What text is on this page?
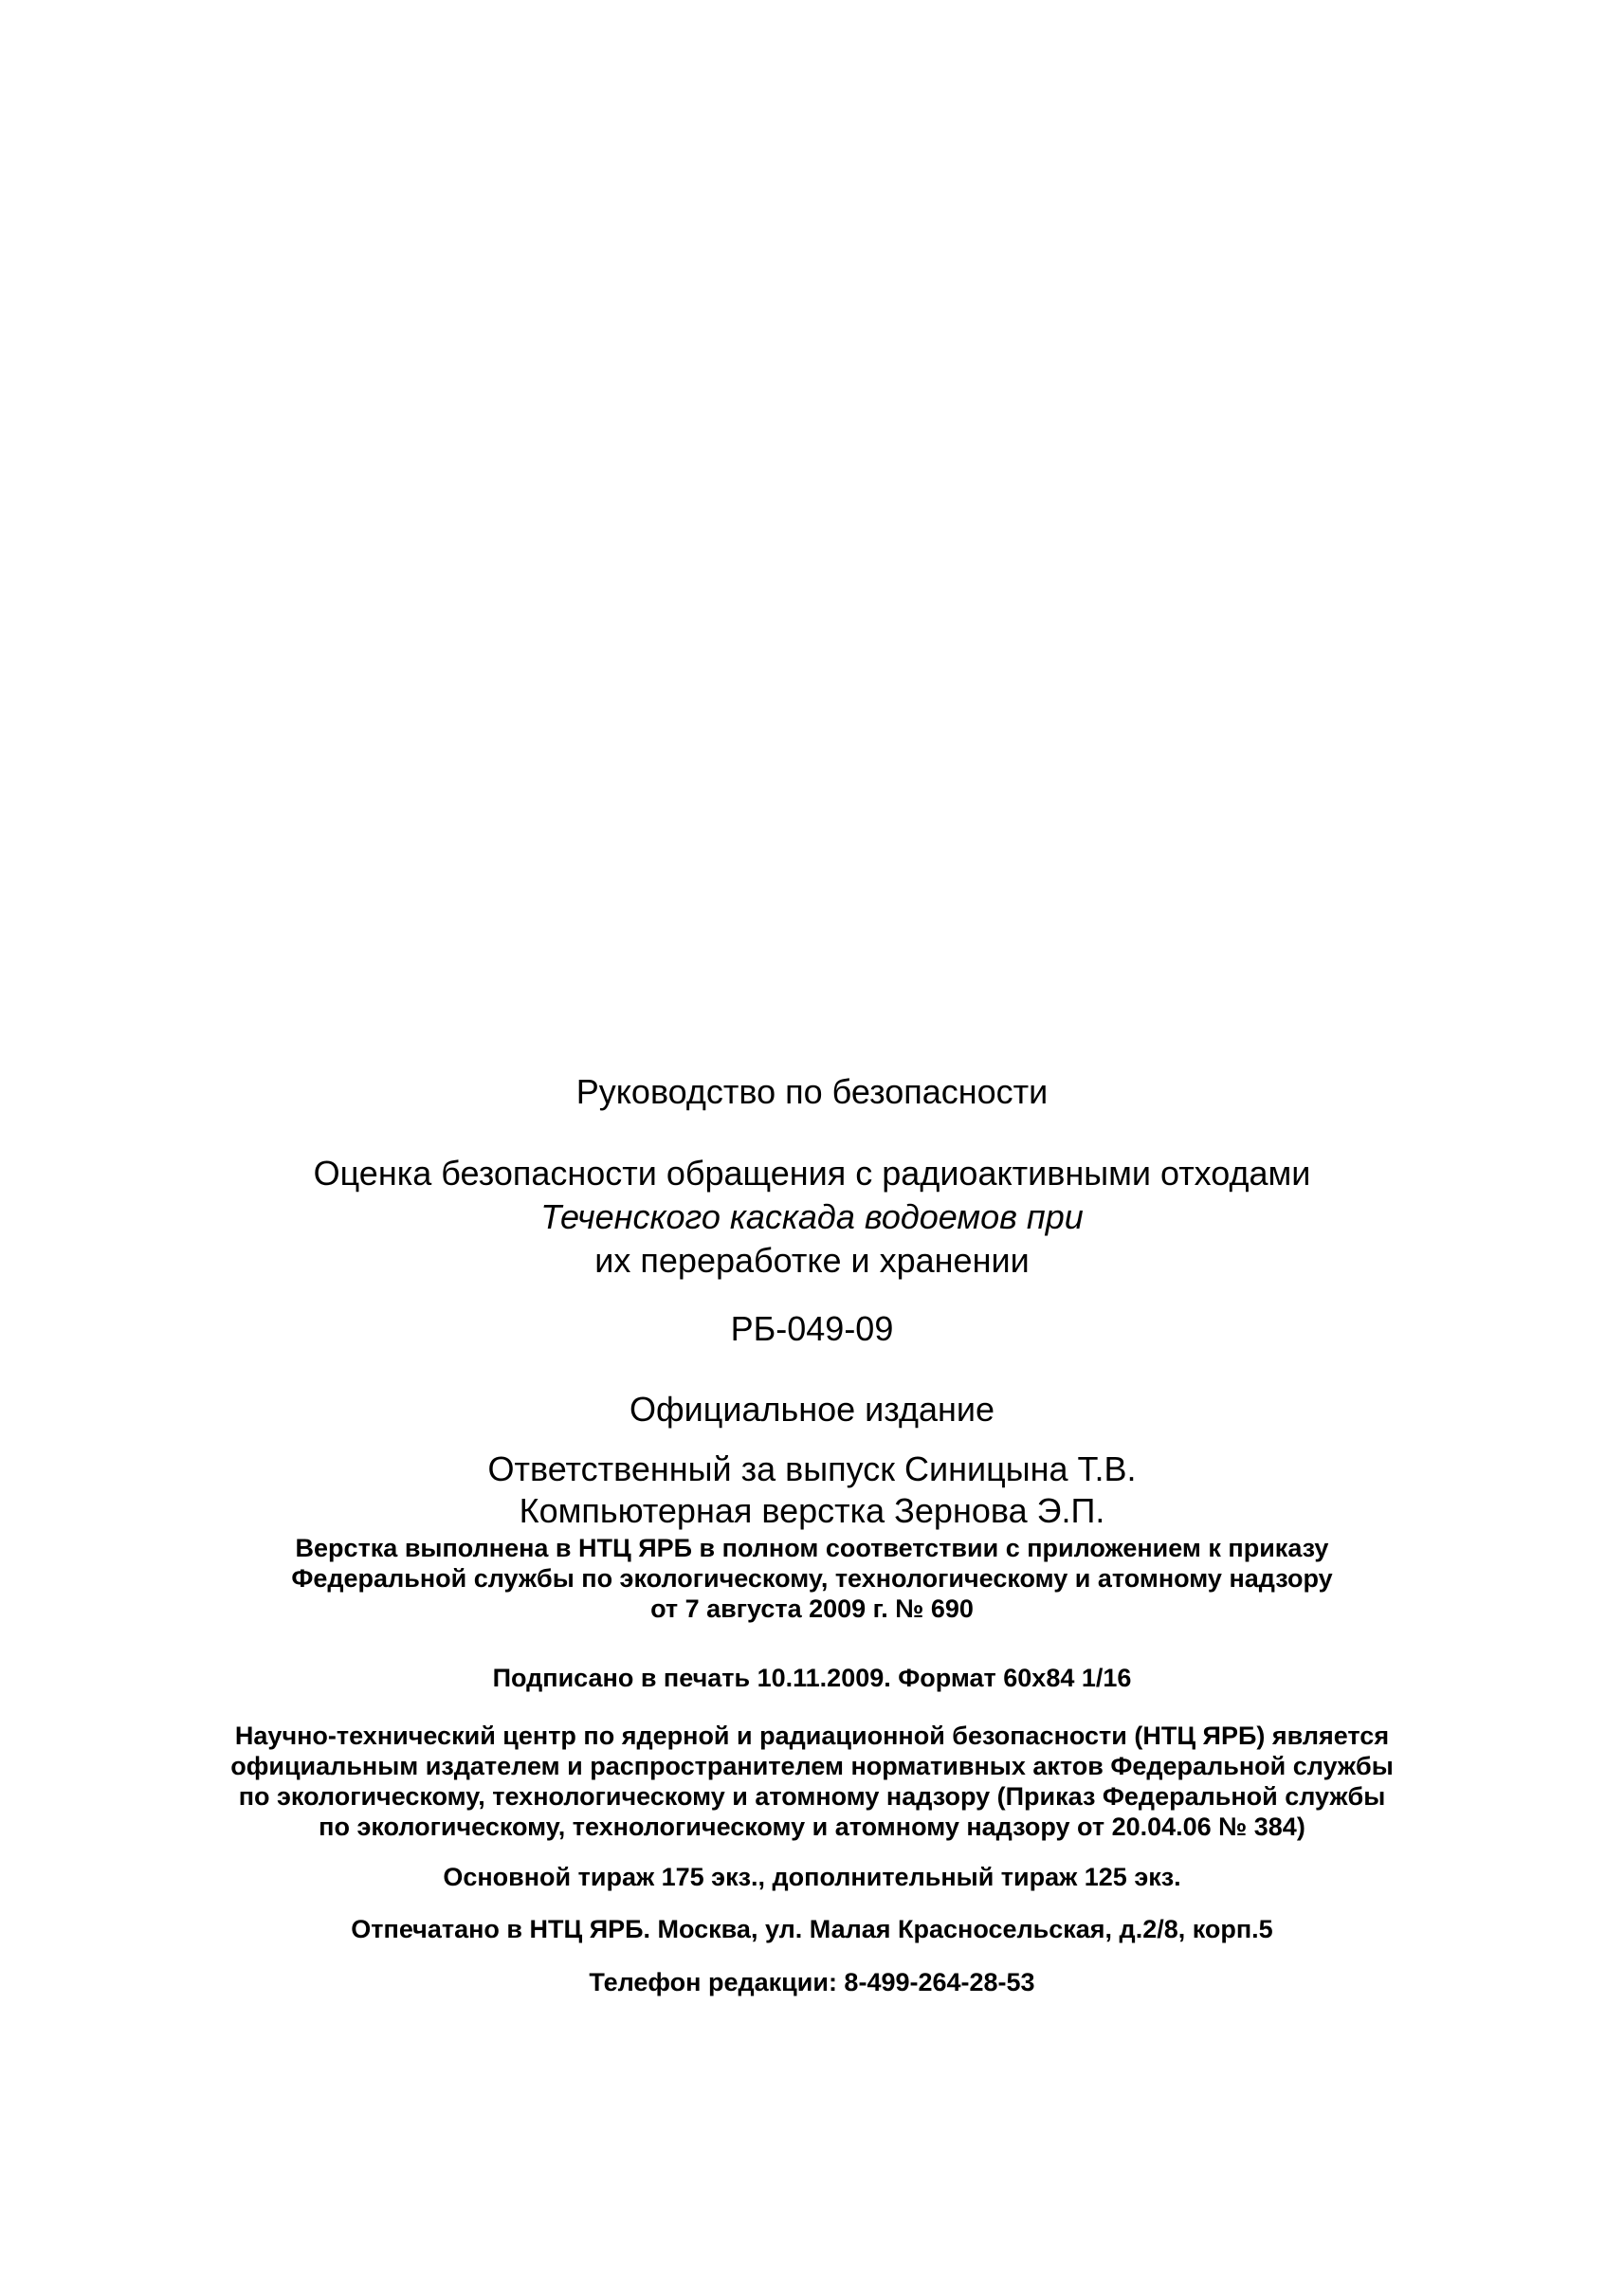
Руководство по безопасности
Оценка безопасности обращения с радиоактивными отходами
Теченского каскада водоемов при
их переработке и хранении
РБ-049-09
Официальное издание
Ответственный за выпуск Синицына Т.В.
Компьютерная верстка Зернова Э.П.
Верстка выполнена в НТЦ ЯРБ в полном соответствии с приложением к приказу
Федеральной службы по экологическому, технологическому и атомному надзору
от 7 августа 2009 г. № 690
Подписано в печать 10.11.2009. Формат 60x84 1/16
Научно-технический центр по ядерной и радиационной безопасности (НТЦ ЯРБ) является
официальным издателем и распространителем нормативных актов Федеральной службы
по экологическому, технологическому и атомному надзору (Приказ Федеральной службы
по экологическому, технологическому и атомному надзору от 20.04.06 № 384)
Основной тираж 175 экз., дополнительный тираж 125 экз.
Отпечатано в НТЦ ЯРБ. Москва, ул. Малая Красносельская, д.2/8, корп.5
Телефон редакции: 8-499-264-28-53
